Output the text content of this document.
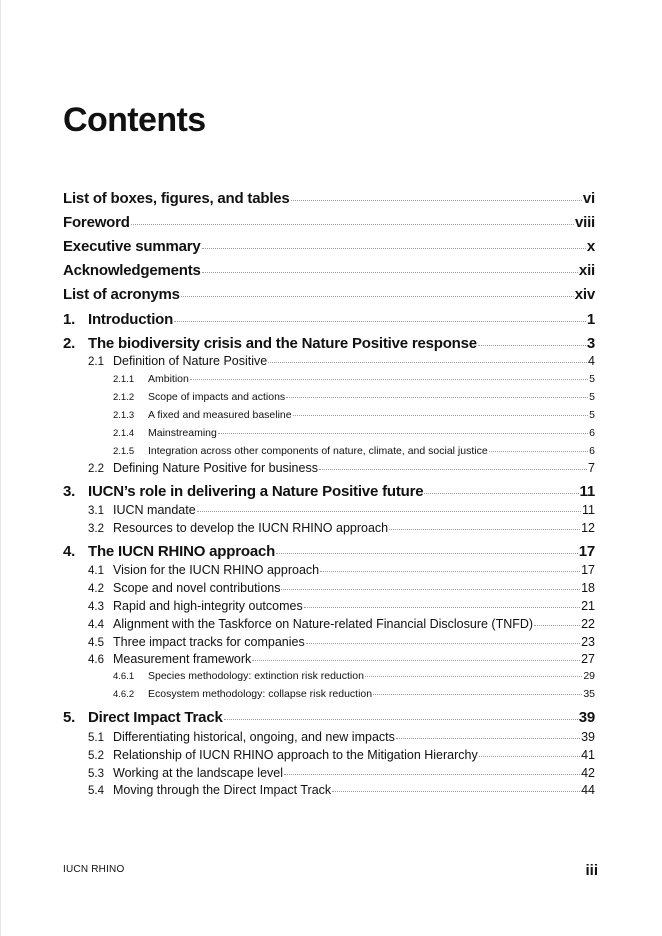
Contents
List of boxes, figures, and tables	vi
Foreword	viii
Executive summary	x
Acknowledgements	xii
List of acronyms	xiv
1. Introduction	1
2. The biodiversity crisis and the Nature Positive response	3
2.1 Definition of Nature Positive	4
2.1.1	Ambition	5
2.1.2	Scope of impacts and actions	5
2.1.3	A fixed and measured baseline	5
2.1.4	Mainstreaming	6
2.1.5	Integration across other components of nature, climate, and social justice	6
2.2 Defining Nature Positive for business	7
3. IUCN’s role in delivering a Nature Positive future	11
3.1 IUCN mandate	11
3.2 Resources to develop the IUCN RHINO approach	12
4. The IUCN RHINO approach	17
4.1 Vision for the IUCN RHINO approach	17
4.2 Scope and novel contributions	18
4.3 Rapid and high-integrity outcomes	21
4.4 Alignment with the Taskforce on Nature-related Financial Disclosure (TNFD)	22
4.5 Three impact tracks for companies	23
4.6 Measurement framework	27
4.6.1	Species methodology: extinction risk reduction	29
4.6.2	Ecosystem methodology: collapse risk reduction	35
5. Direct Impact Track	39
5.1 Differentiating historical, ongoing, and new impacts	39
5.2 Relationship of IUCN RHINO approach to the Mitigation Hierarchy	41
5.3 Working at the landscape level	42
5.4 Moving through the Direct Impact Track	44
IUCN RHINO	iii
